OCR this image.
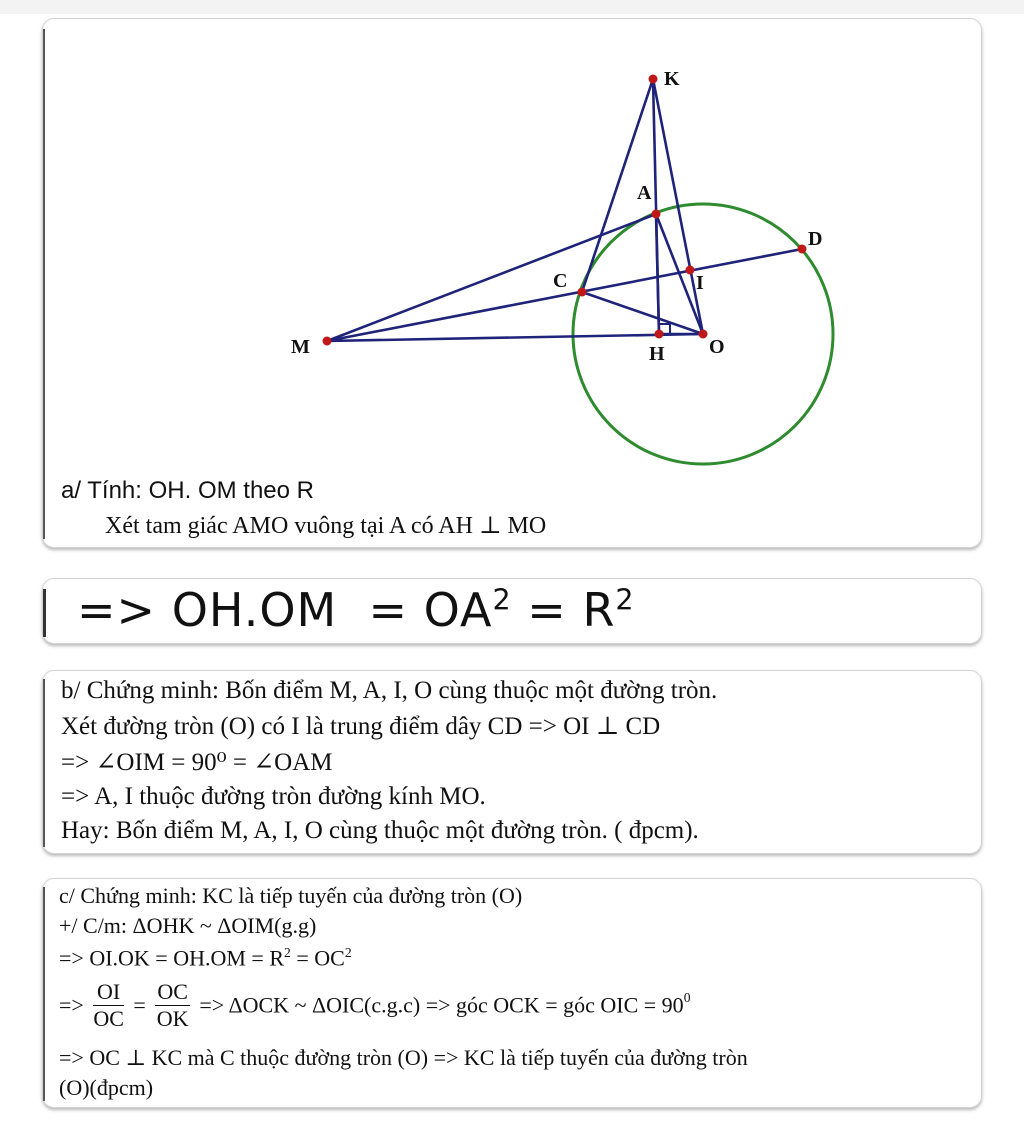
K
A
C
D
I
M	H O
a/ Tính: OH. OM theo R
Xét tam giác AMO vuông tại A có AH ⊥ MO
=> $OH.OM = OA^2 = R^2$
b/ Chứng minh: Bốn điểm M, A, I, O cùng thuộc một đường tròn.
Xét đường tròn (O) có I là trung điểm dây CD => OI ⊥ CD
=> ∠OIM = 90⁰ = ∠OAM
=> A, I thuộc đường tròn đường kính MO.
Hay: Bốn điểm M, A, I, O cùng thuộc một đường tròn. ( đpcm).
c/ Chứng minh: KC là tiếp tuyến của đường tròn (O)
+/ C/m: ΔOHK ~ ΔOIM(g.g)
=> $OI.OK = OH.OM = R^2 = OC^2$
=> $\frac{OI}{OC} = \frac{OC}{OK} => \Delta OCK$ ~ ΔOIC(c.g.c) => góc OCK = góc OIC = $90^0$
=> OC ⊥ KC mà C thuộc đường tròn (O) => KC là tiếp tuyến của đường tròn
(O)(đpcm)
